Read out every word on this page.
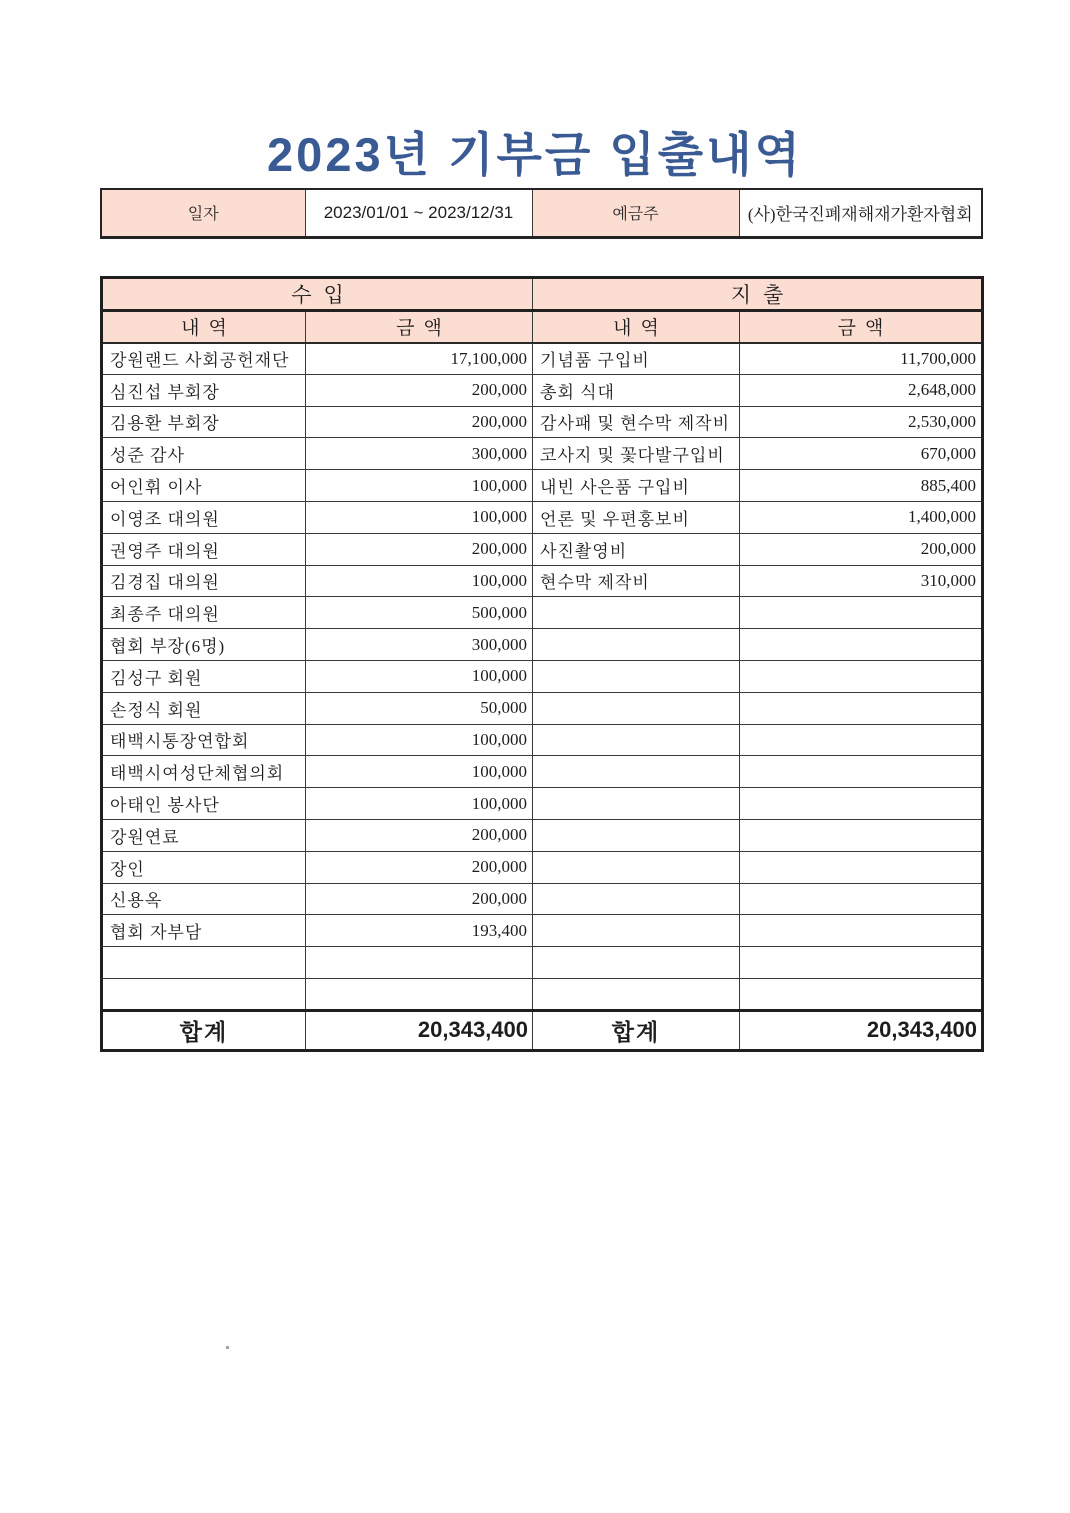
2023년 기부금 입출내역
일자	2023/01/01 ~ 2023/12/31	예금주	(사)한국진폐재해재가환자협회
수입		지출	
내역	금액	내역	금액
강원랜드 사회공헌재단	17,100,000	기념품 구입비	11,700,000
심진섭 부회장	200,000	총회 식대	2,648,000
김용환 부회장	200,000	감사패 및 현수막 제작비	2,530,000
성준 감사	300,000	코사지 및 꽃다발구입비	670,000
어인휘 이사	100,000	내빈 사은품 구입비	885,400
이영조 대의원	100,000	언론 및 우편홍보비	1,400,000
권영주 대의원	200,000	사진촬영비	200,000
김경집 대의원	100,000	현수막 제작비	310,000
최종주 대의원	500,000		
협회 부장(6명)	300,000		
김성구 회원	100,000		
손정식 회원	50,000		
태백시통장연합회	100,000		
태백시여성단체협의회	100,000		
아태인 봉사단	100,000		
강원연료	200,000		
장인	200,000		
신용옥	200,000		
협회 자부담	193,400		

합계	20,343,400	합계	20,343,400
